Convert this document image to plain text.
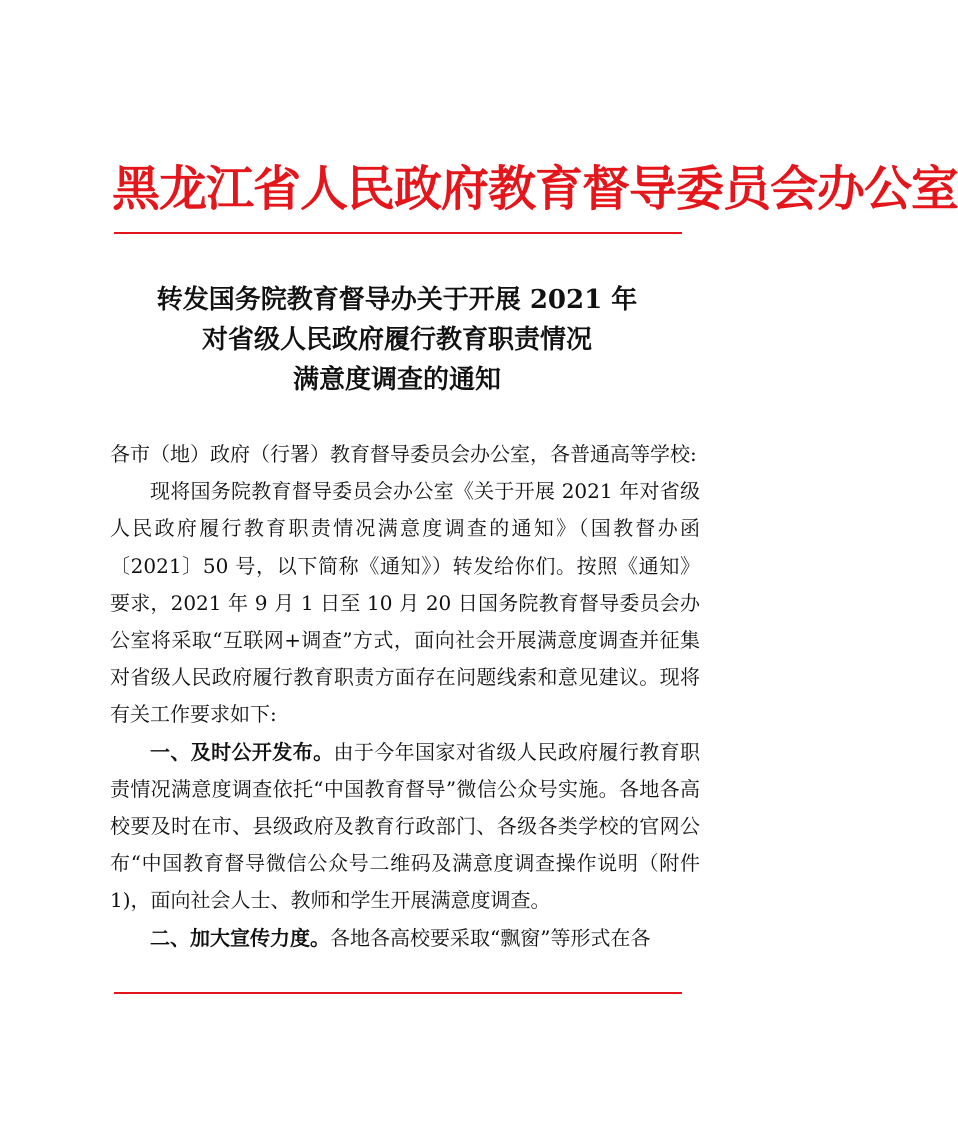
黑龙江省人民政府教育督导委员会办公室
转发国务院教育督导办关于开展 2021 年
对省级人民政府履行教育职责情况
满意度调查的通知
各市（地）政府（行署）教育督导委员会办公室，各普通高等学校:
现将国务院教育督导委员会办公室《关于开展 2021 年对省级人民政府履行教育职责情况满意度调查的通知》（国教督办函〔2021〕50 号，以下简称《通知》）转发给你们。按照《通知》要求，2021 年 9 月 1 日至 10 月 20 日国务院教育督导委员会办公室将采取“互联网+调查”方式，面向社会开展满意度调查并征集对省级人民政府履行教育职责方面存在问题线索和意见建议。现将有关工作要求如下:
一、及时公开发布。由于今年国家对省级人民政府履行教育职责情况满意度调查依托“中国教育督导”微信公众号实施。各地各高校要及时在市、县级政府及教育行政部门、各级各类学校的官网公布“中国教育督导微信公众号二维码及满意度调查操作说明（附件 1)，面向社会人士、教师和学生开展满意度调查。
二、加大宣传力度。各地各高校要采取“飘窗”等形式在各
